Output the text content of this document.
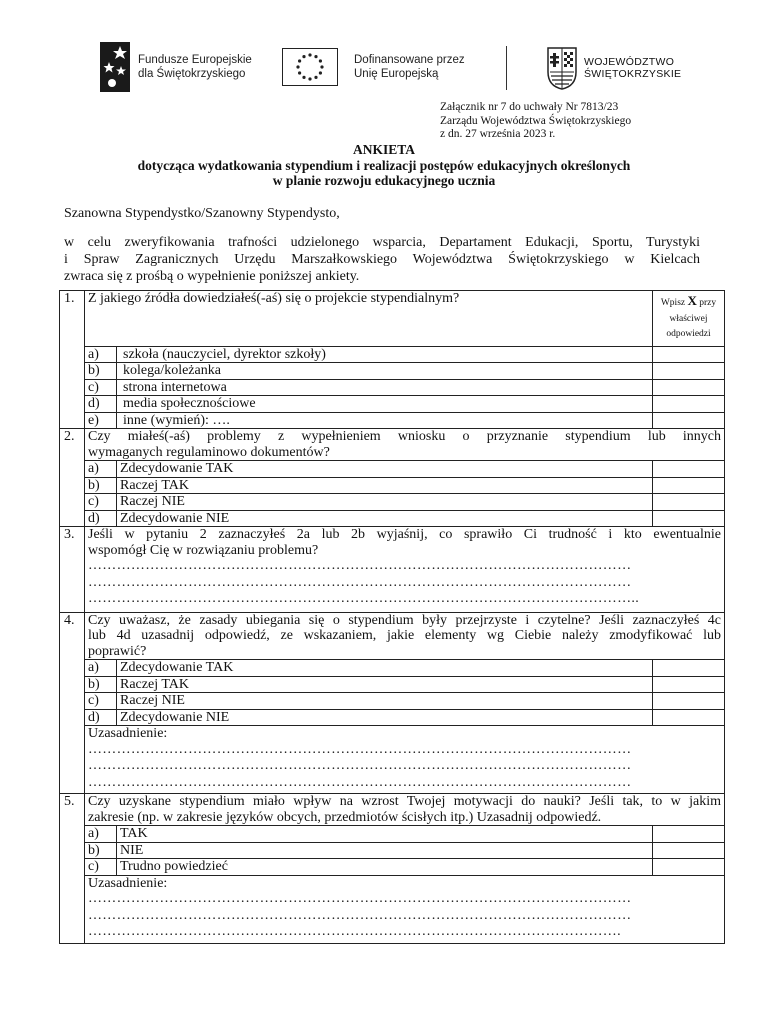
Fundusze Europejskie
dla Świętokrzyskiego
Dofinansowane przez
Unię Europejską
WOJEWÓDZTWO
ŚWIĘTOKRZYSKIE
Załącznik nr 7 do uchwały Nr 7813/23
Zarządu Województwa Świętokrzyskiego
z dn. 27 września 2023 r.
ANKIETA
dotycząca wydatkowania stypendium i realizacji postępów edukacyjnych określonych
w planie rozwoju edukacyjnego ucznia
Szanowna Stypendystko/Szanowny Stypendysto,
w celu zweryfikowania trafności udzielonego wsparcia, Departament Edukacji, Sportu, Turystyki
i Spraw Zagranicznych Urzędu Marszałkowskiego Województwa Świętokrzyskiego w Kielcach
zwraca się z prośbą o wypełnienie poniższej ankiety.
1.	Z jakiego źródła dowiedziałeś(-aś) się o projekcie stypendialnym?		Wpisz X przy właściwej odpowiedzi
	a)	szkoła (nauczyciel, dyrektor szkoły)	
	b)	kolega/koleżanka	
	c)	strona internetowa	
	d)	media społecznościowe	
	e)	inne (wymień): ….	
2.	Czy miałeś(-aś) problemy z wypełnieniem wniosku o przyznanie stypendium lub innych
wymaganych regulaminowo dokumentów?		

	a)	Zdecydowanie TAK	
	b)	Raczej TAK	
	c)	Raczej NIE	
	d)	Zdecydowanie NIE	
3.	Jeśli w pytaniu 2 zaznaczyłeś 2a lub 2b wyjaśnij, co sprawiło Ci trudność i kto ewentualnie
wspomógł Cię w rozwiązaniu problemu?
……………………………………………………………………………………………………
……………………………………………………………………………………………………
……………………………………………………………………………………………………..		

4.	Czy uważasz, że zasady ubiegania się o stypendium były przejrzyste i czytelne? Jeśli zaznaczyłeś 4c
lub 4d uzasadnij odpowiedź, ze wskazaniem, jakie elementy wg Ciebie należy zmodyfikować lub
poprawić?		

	a)	Zdecydowanie TAK	
	b)	Raczej TAK	
	c)	Raczej NIE	
	d)	Zdecydowanie NIE	

	Uzasadnienie:
……………………………………………………………………………………………………
……………………………………………………………………………………………………
……………………………………………………………………………………………………		

5.	Czy uzyskane stypendium miało wpływ na wzrost Twojej motywacji do nauki? Jeśli tak, to w jakim
zakresie (np. w zakresie języków obcych, przedmiotów ścisłych itp.) Uzasadnij odpowiedź.		

	a)	TAK	
	b)	NIE	
	c)	Trudno powiedzieć	

	Uzasadnienie:
……………………………………………………………………………………………………
……………………………………………………………………………………………………
………………………………………………………………………………………………….		
